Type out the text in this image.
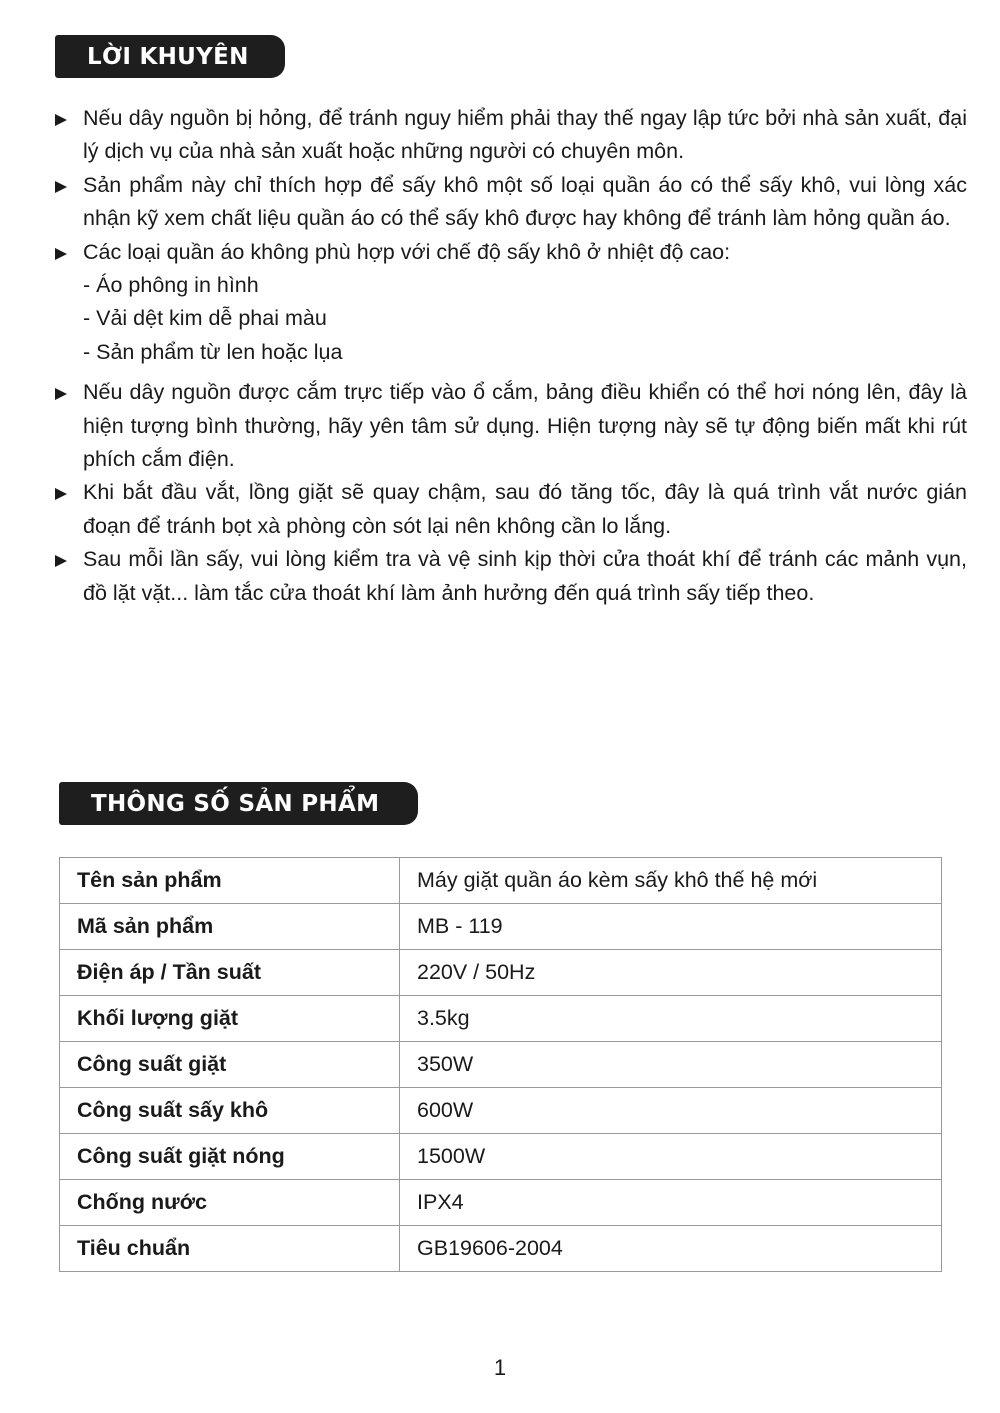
LỜI KHUYÊN
Nếu dây nguồn bị hỏng, để tránh nguy hiểm phải thay thế ngay lập tức bởi nhà sản xuất, đại lý dịch vụ của nhà sản xuất hoặc những người có chuyên môn.
Sản phẩm này chỉ thích hợp để sấy khô một số loại quần áo có thể sấy khô, vui lòng xác nhận kỹ xem chất liệu quần áo có thể sấy khô được hay không để tránh làm hỏng quần áo.
Các loại quần áo không phù hợp với chế độ sấy khô ở nhiệt độ cao:
- Áo phông in hình
- Vải dệt kim dễ phai màu
- Sản phẩm từ len hoặc lụa
Nếu dây nguồn được cắm trực tiếp vào ổ cắm, bảng điều khiển có thể hơi nóng lên, đây là hiện tượng bình thường, hãy yên tâm sử dụng. Hiện tượng này sẽ tự động biến mất khi rút phích cắm điện.
Khi bắt đầu vắt, lồng giặt sẽ quay chậm, sau đó tăng tốc, đây là quá trình vắt nước gián đoạn để tránh bọt xà phòng còn sót lại nên không cần lo lắng.
Sau mỗi lần sấy, vui lòng kiểm tra và vệ sinh kịp thời cửa thoát khí để tránh các mảnh vụn, đồ lặt vặt... làm tắc cửa thoát khí làm ảnh hưởng đến quá trình sấy tiếp theo.
THÔNG SỐ SẢN PHẨM
Tên sản phẩm	Máy giặt quần áo kèm sấy khô thế hệ mới
Mã sản phẩm	MB - 119
Điện áp / Tần suất	220V / 50Hz
Khối lượng giặt	3.5kg
Công suất giặt	350W
Công suất sấy khô	600W
Công suất giặt nóng	1500W
Chống nước	IPX4
Tiêu chuẩn	GB19606-2004
1
